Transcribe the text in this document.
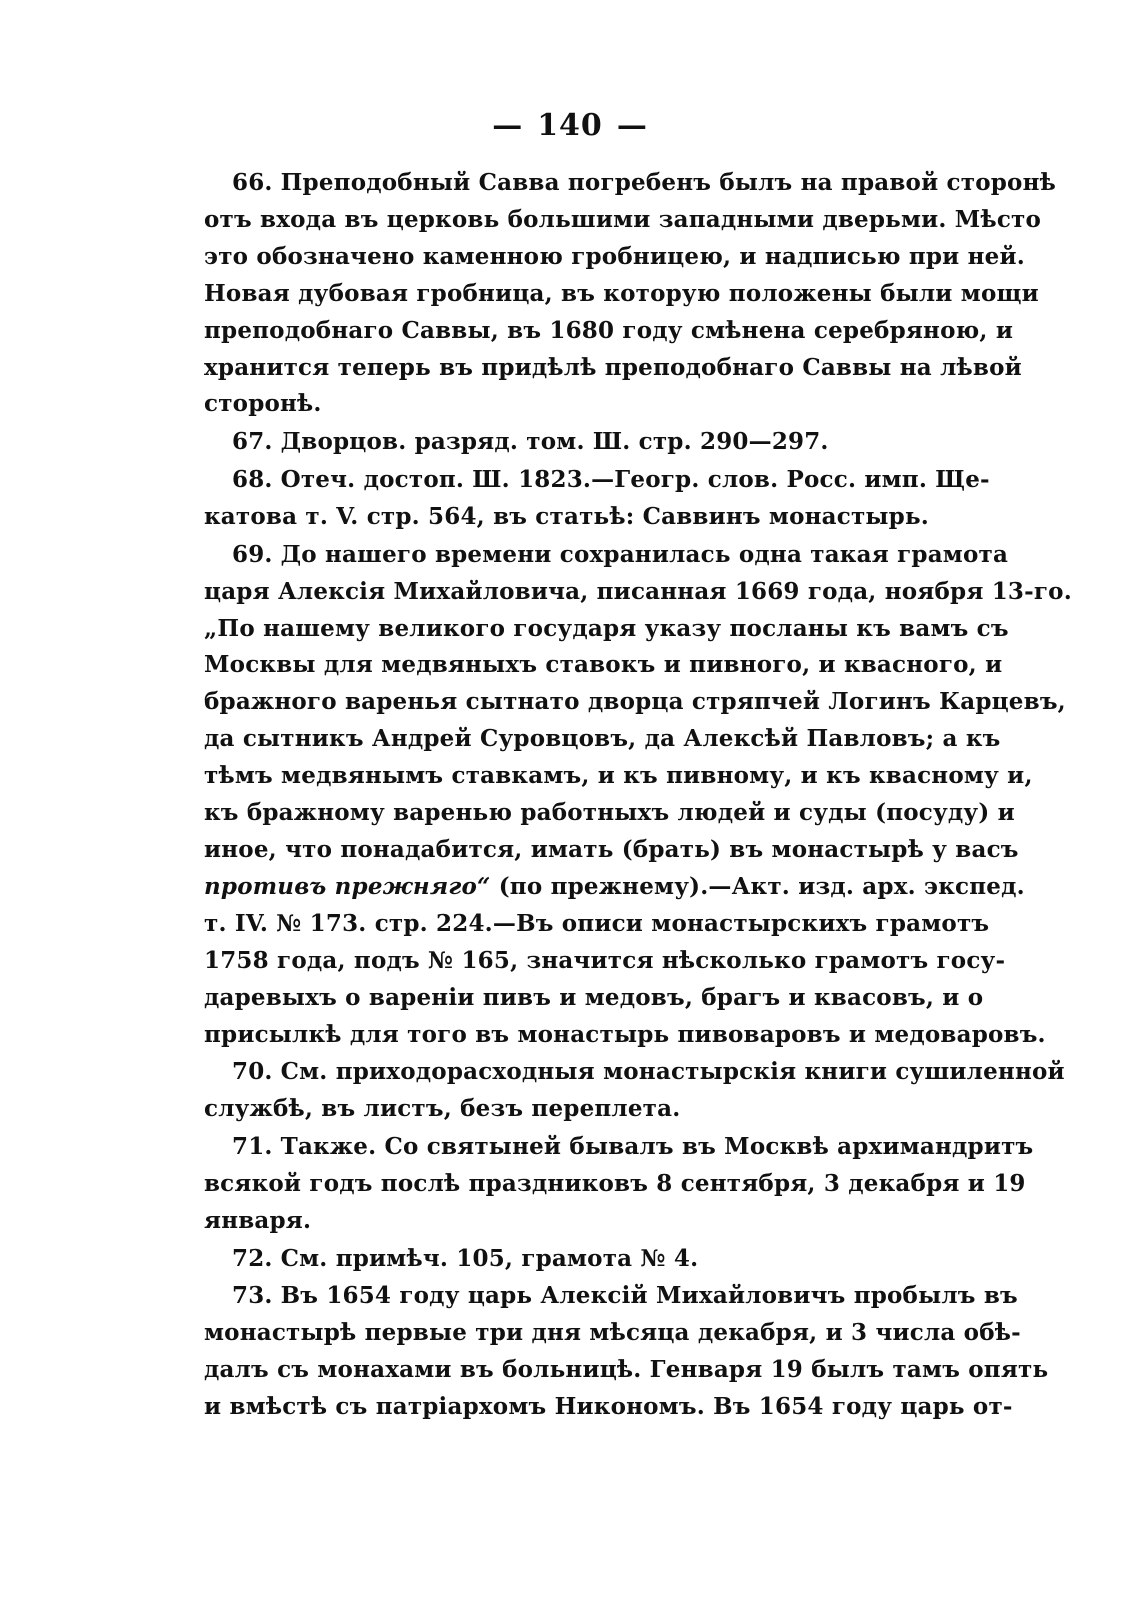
— 140 —
66. Преподобный Савва погребенъ былъ на правой сторонѣ
отъ входа въ церковь большими западными дверьми. Мѣсто
это обозначено каменною гробницею, и надписью при ней.
Новая дубовая гробница, въ которую положены были мощи
преподобнаго Саввы, въ 1680 году смѣнена серебряною, и
хранится теперь въ придѣлѣ преподобнаго Саввы на лѣвой
сторонѣ.
67. Дворцов. разряд. том. Ш. стр. 290—297.
68. Отеч. достоп. Ш. 1823.—Геогр. слов. Росс. имп. Ще-
катова т. V. стр. 564, въ статьѣ: Саввинъ монастырь.
69. До нашего времени сохранилась одна такая грамота
царя Алексія Михайловича, писанная 1669 года, ноября 13-го.
„По нашему великого государя указу посланы къ вамъ съ
Москвы для медвяныхъ ставокъ и пивного, и квасного, и
бражного варенья сытнато дворца стряпчей Логинъ Карцевъ,
да сытникъ Андрей Суровцовъ, да Алексѣй Павловъ; а къ
тѣмъ медвянымъ ставкамъ, и къ пивному, и къ квасному и,
къ бражному варенью работныхъ людей и суды (посуду) и
иное, что понадабится, имать (брать) въ монастырѣ у васъ
противъ прежняго“ (по прежнему).—Акт. изд. арх. экспед.
т. IV. № 173. стр. 224.—Въ описи монастырскихъ грамотъ
1758 года, подъ № 165, значится нѣсколько грамотъ госу-
даревыхъ о вареніи пивъ и медовъ, брагъ и квасовъ, и о
присылкѣ для того въ монастырь пивоваровъ и медоваровъ.
70. См. приходорасходныя монастырскія книги сушиленной
службѣ, въ листъ, безъ переплета.
71. Также. Со святыней бывалъ въ Москвѣ архимандритъ
всякой годъ послѣ праздниковъ 8 сентября, 3 декабря и 19
января.
72. См. примѣч. 105, грамота № 4.
73. Въ 1654 году царь Алексій Михайловичъ пробылъ въ
монастырѣ первые три дня мѣсяца декабря, и 3 числа обѣ-
далъ съ монахами въ больницѣ. Генваря 19 былъ тамъ опять
и вмѣстѣ съ патріархомъ Никономъ. Въ 1654 году царь от-
